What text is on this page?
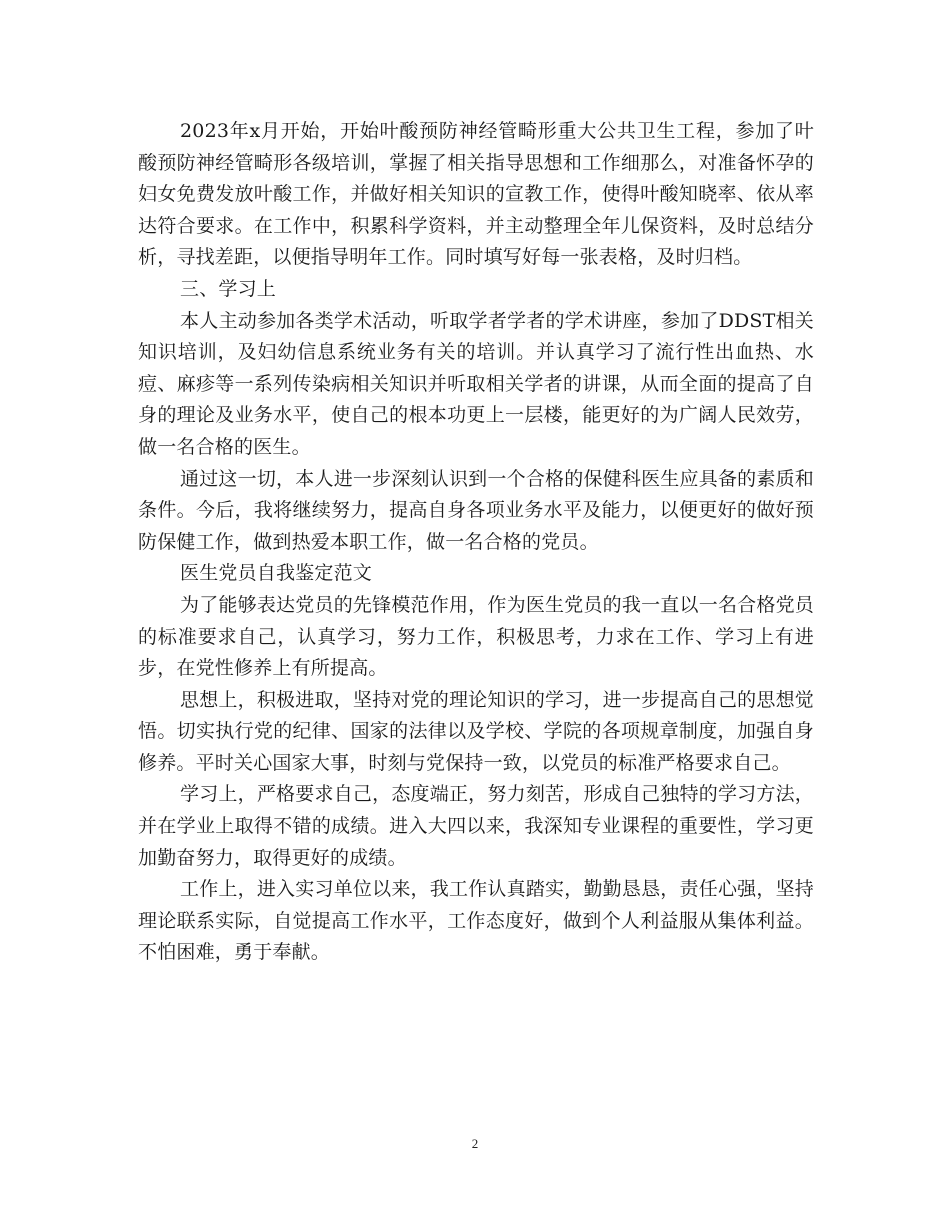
2023年x月开始，开始叶酸预防神经管畸形重大公共卫生工程，参加了叶酸预防神经管畸形各级培训，掌握了相关指导思想和工作细那么，对准备怀孕的妇女免费发放叶酸工作，并做好相关知识的宣教工作，使得叶酸知晓率、依从率达符合要求。在工作中，积累科学资料，并主动整理全年儿保资料，及时总结分析，寻找差距，以便指导明年工作。同时填写好每一张表格，及时归档。

三、学习上

本人主动参加各类学术活动，听取学者学者的学术讲座，参加了DDST相关知识培训，及妇幼信息系统业务有关的培训。并认真学习了流行性出血热、水痘、麻疹等一系列传染病相关知识并听取相关学者的讲课，从而全面的提高了自身的理论及业务水平，使自己的根本功更上一层楼，能更好的为广阔人民效劳，做一名合格的医生。

通过这一切，本人进一步深刻认识到一个合格的保健科医生应具备的素质和条件。今后，我将继续努力，提高自身各项业务水平及能力，以便更好的做好预防保健工作，做到热爱本职工作，做一名合格的党员。

医生党员自我鉴定范文

为了能够表达党员的先锋模范作用，作为医生党员的我一直以一名合格党员的标准要求自己，认真学习，努力工作，积极思考，力求在工作、学习上有进步，在党性修养上有所提高。

思想上，积极进取，坚持对党的理论知识的学习，进一步提高自己的思想觉悟。切实执行党的纪律、国家的法律以及学校、学院的各项规章制度，加强自身修养。平时关心国家大事，时刻与党保持一致，以党员的标准严格要求自己。

学习上，严格要求自己，态度端正，努力刻苦，形成自己独特的学习方法，并在学业上取得不错的成绩。进入大四以来，我深知专业课程的重要性，学习更加勤奋努力，取得更好的成绩。

工作上，进入实习单位以来，我工作认真踏实，勤勤恳恳，责任心强，坚持理论联系实际，自觉提高工作水平，工作态度好，做到个人利益服从集体利益。不怕困难，勇于奉献。

2
